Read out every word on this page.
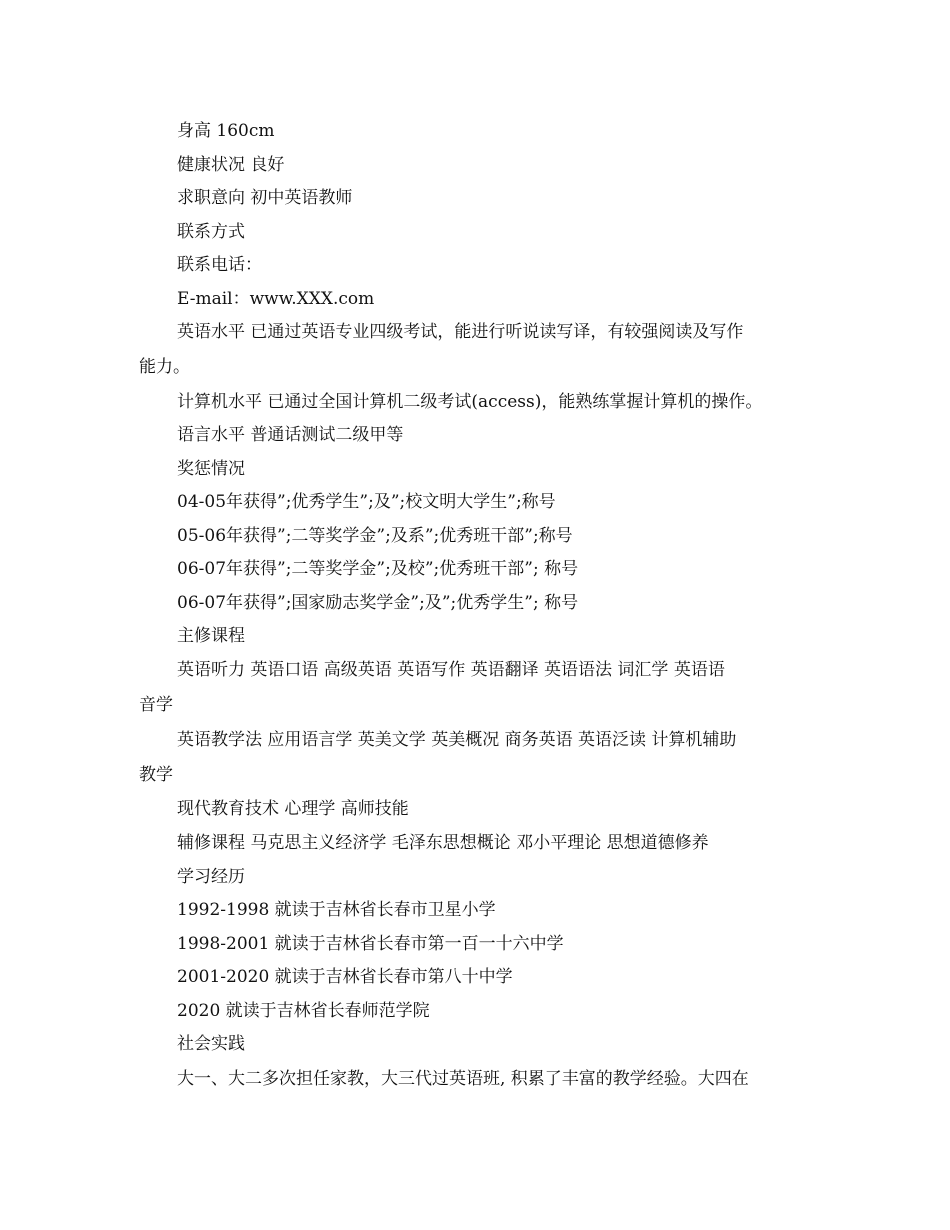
身高 160cm
健康状况 良好
求职意向 初中英语教师
联系方式
联系电话：
E-mail：www.XXX.com
英语水平 已通过英语专业四级考试，能进行听说读写译，有较强阅读及写作
能力。
计算机水平 已通过全国计算机二级考试(access)，能熟练掌握计算机的操作。
语言水平 普通话测试二级甲等
奖惩情况
04-05年获得”;优秀学生”;及”;校文明大学生”;称号
05-06年获得”;二等奖学金”;及系”;优秀班干部”;称号
06-07年获得”;二等奖学金”;及校”;优秀班干部”; 称号
06-07年获得”;国家励志奖学金”;及”;优秀学生”; 称号
主修课程
英语听力 英语口语 高级英语 英语写作 英语翻译 英语语法 词汇学 英语语
音学
英语教学法 应用语言学 英美文学 英美概况 商务英语 英语泛读 计算机辅助
教学
现代教育技术 心理学 高师技能
辅修课程 马克思主义经济学 毛泽东思想概论 邓小平理论 思想道德修养
学习经历
1992-1998 就读于吉林省长春市卫星小学
1998-2001 就读于吉林省长春市第一百一十六中学
2001-2020 就读于吉林省长春市第八十中学
2020 就读于吉林省长春师范学院
社会实践
大一、大二多次担任家教，大三代过英语班, 积累了丰富的教学经验。大四在
